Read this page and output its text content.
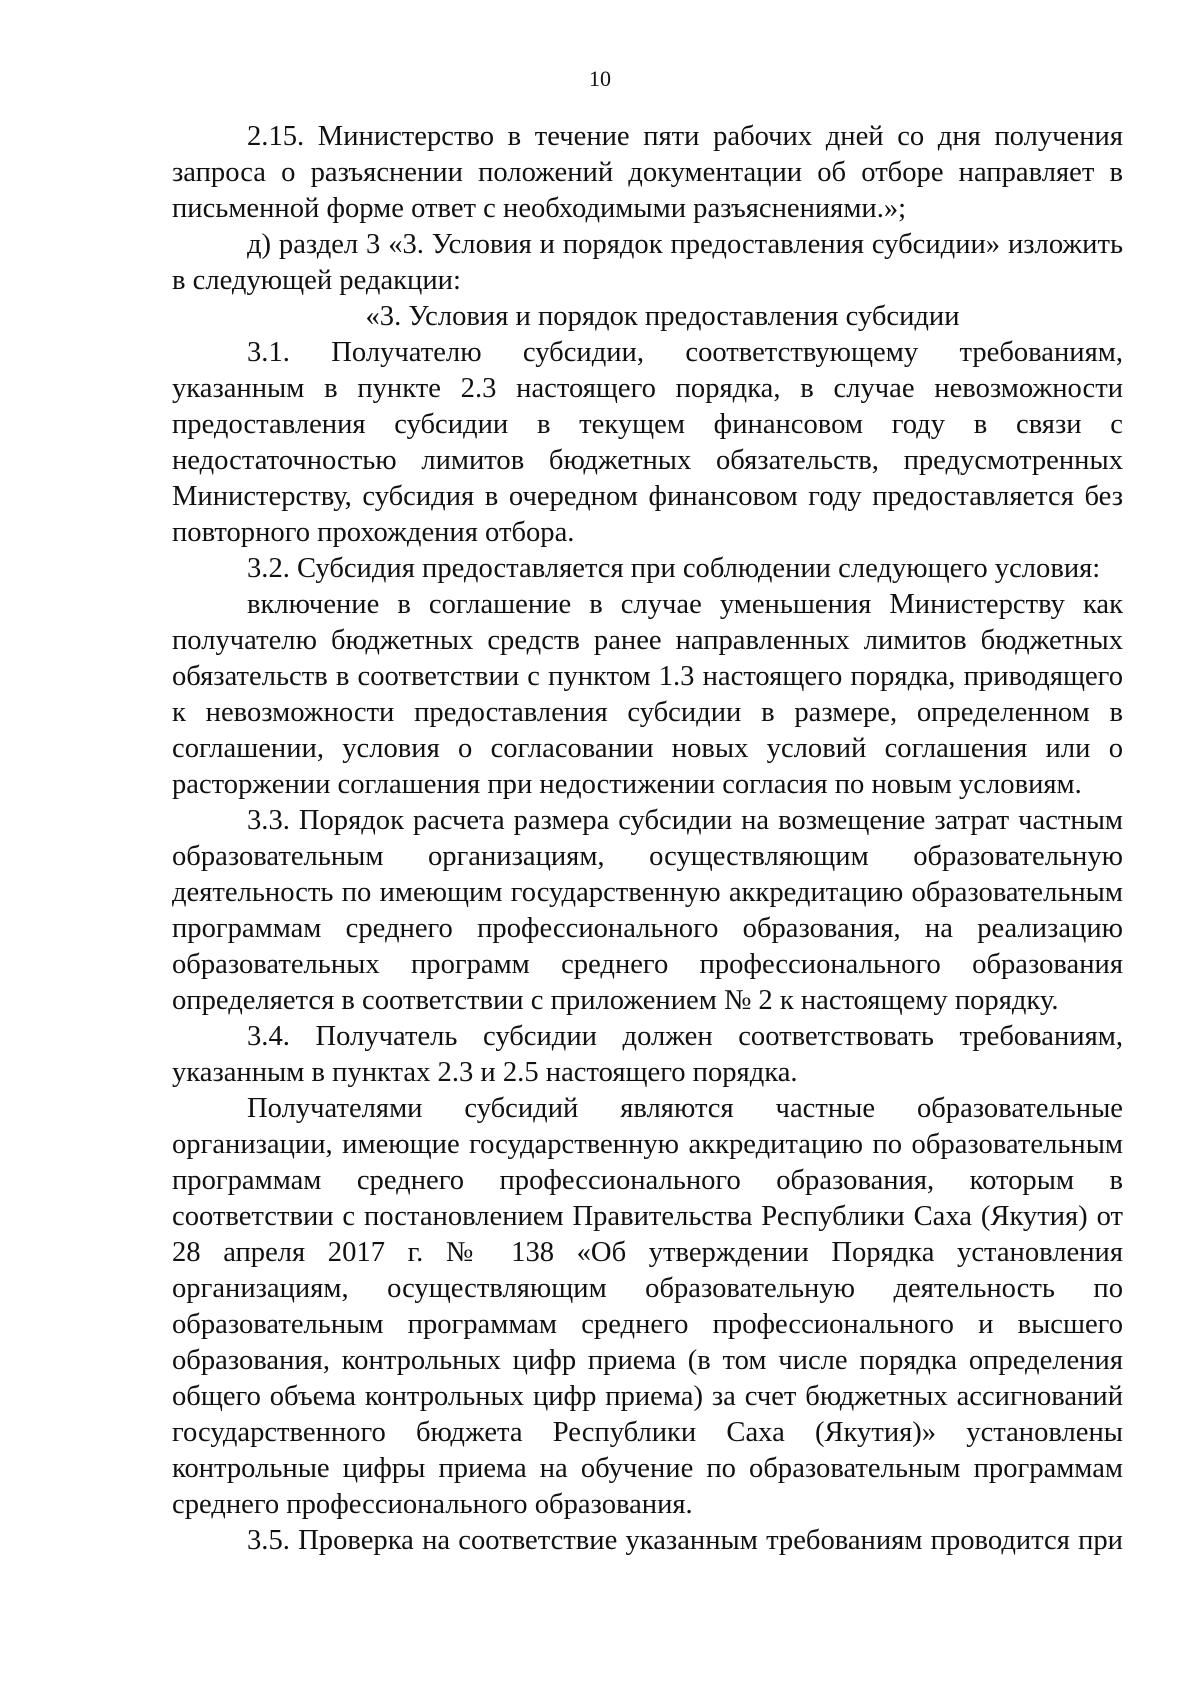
10

2.15. Министерство в течение пяти рабочих дней со дня получения запроса о разъяснении положений документации об отборе направляет в письменной форме ответ с необходимыми разъяснениями.»;

д) раздел 3 «3. Условия и порядок предоставления субсидии» изложить в следующей редакции:

«3. Условия и порядок предоставления субсидии

3.1. Получателю субсидии, соответствующему требованиям, указанным в пункте 2.3 настоящего порядка, в случае невозможности предоставления субсидии в текущем финансовом году в связи с недостаточностью лимитов бюджетных обязательств, предусмотренных Министерству, субсидия в очередном финансовом году предоставляется без повторного прохождения отбора.

3.2. Субсидия предоставляется при соблюдении следующего условия:

включение в соглашение в случае уменьшения Министерству как получателю бюджетных средств ранее направленных лимитов бюджетных обязательств в соответствии с пунктом 1.3 настоящего порядка, приводящего к невозможности предоставления субсидии в размере, определенном в соглашении, условия о согласовании новых условий соглашения или о расторжении соглашения при недостижении согласия по новым условиям.

3.3. Порядок расчета размера субсидии на возмещение затрат частным образовательным организациям, осуществляющим образовательную деятельность по имеющим государственную аккредитацию образовательным программам среднего профессионального образования, на реализацию образовательных программ среднего профессионального образования определяется в соответствии с приложением № 2 к настоящему порядку.

3.4. Получатель субсидии должен соответствовать требованиям, указанным в пунктах 2.3 и 2.5 настоящего порядка.

Получателями субсидий являются частные образовательные организации, имеющие государственную аккредитацию по образовательным программам среднего профессионального образования, которым в соответствии с постановлением Правительства Республики Саха (Якутия) от 28 апреля 2017 г. № 138 «Об утверждении Порядка установления организациям, осуществляющим образовательную деятельность по образовательным программам среднего профессионального и высшего образования, контрольных цифр приема (в том числе порядка определения общего объема контрольных цифр приема) за счет бюджетных ассигнований государственного бюджета Республики Саха (Якутия)» установлены контрольные цифры приема на обучение по образовательным программам среднего профессионального образования.

3.5. Проверка на соответствие указанным требованиям проводится при
